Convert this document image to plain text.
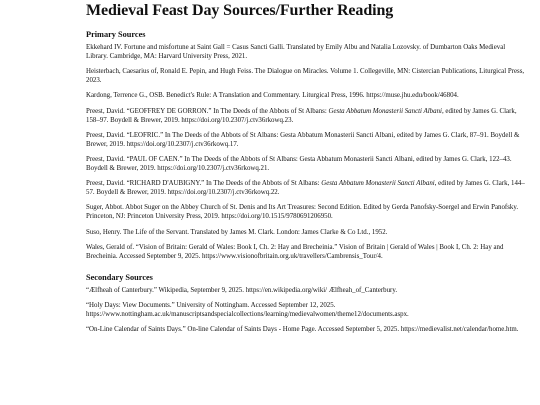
Medieval Feast Day Sources/Further Reading
Primary Sources

Ekkehard IV. Fortune and misfortune at Saint Gall = Casus Sancti Galli. Translated by Emily Albu and Natalia Lozovsky. of Dumbarton Oaks Medieval Library. Cambridge, MA: Harvard University Press, 2021.

Heisterbach, Caesarius of, Ronald E. Pepin, and Hugh Feiss. The Dialogue on Miracles. Volume 1. Collegeville, MN: Cistercian Publications, Liturgical Press, 2023.

Kardong, Terrence G., OSB. Benedict's Rule: A Translation and Commentary. Liturgical Press, 1996. https://muse.jhu.edu/book/46804.

Preest, David. “GEOFFREY DE GORRON.” In The Deeds of the Abbots of St Albans: Gesta Abbatum Monasterii Sancti Albani, edited by James G. Clark, 158–97. Boydell & Brewer, 2019. https://doi.org/10.2307/j.ctv36rkowq.23.

Preest, David. “LEOFRIC.” In The Deeds of the Abbots of St Albans: Gesta Abbatum Monasterii Sancti Albani, edited by James G. Clark, 87–91. Boydell & Brewer, 2019. https://doi.org/10.2307/j.ctv36rkowq.17.

Preest, David. “PAUL OF CAEN.” In The Deeds of the Abbots of St Albans: Gesta Abbatum Monasterii Sancti Albani, edited by James G. Clark, 122–43. Boydell & Brewer, 2019. https://doi.org/10.2307/j.ctv36rkowq.21.

Preest, David. “RICHARD D'AUBIGNY.” In The Deeds of the Abbots of St Albans: Gesta Abbatum Monasterii Sancti Albani, edited by James G. Clark, 144–57. Boydell & Brewer, 2019. https://doi.org/10.2307/j.ctv36rkowq.22.

Suger, Abbot. Abbot Suger on the Abbey Church of St. Denis and Its Art Treasures: Second Edition. Edited by Gerda Panofsky-Soergel and Erwin Panofsky. Princeton, NJ: Princeton University Press, 2019. https://doi.org/10.1515/9780691206950.

Suso, Henry. The Life of the Servant. Translated by James M. Clark. London: James Clarke & Co Ltd., 1952.

Wales, Gerald of. “Vision of Britain: Gerald of Wales: Book I, Ch. 2: Hay and Brecheinia.” Vision of Britain | Gerald of Wales | Book I, Ch. 2: Hay and Brecheinia. Accessed September 9, 2025. https://www.visionofbritain.org.uk/travellers/Cambrensis_Tour/4.

Secondary Sources

“Ælfheah of Canterbury.” Wikipedia, September 9, 2025. https://en.wikipedia.org/wiki/ Ælfheah_of_Canterbury.

“Holy Days: View Documents.” University of Nottingham. Accessed September 12, 2025. https://www.nottingham.ac.uk/manuscriptsandspecialcollections/learning/medievalwomen/theme12/documents.aspx.

“On-Line Calendar of Saints Days.” On-line Calendar of Saints Days - Home Page. Accessed September 5, 2025. https://medievalist.net/calendar/home.htm.
